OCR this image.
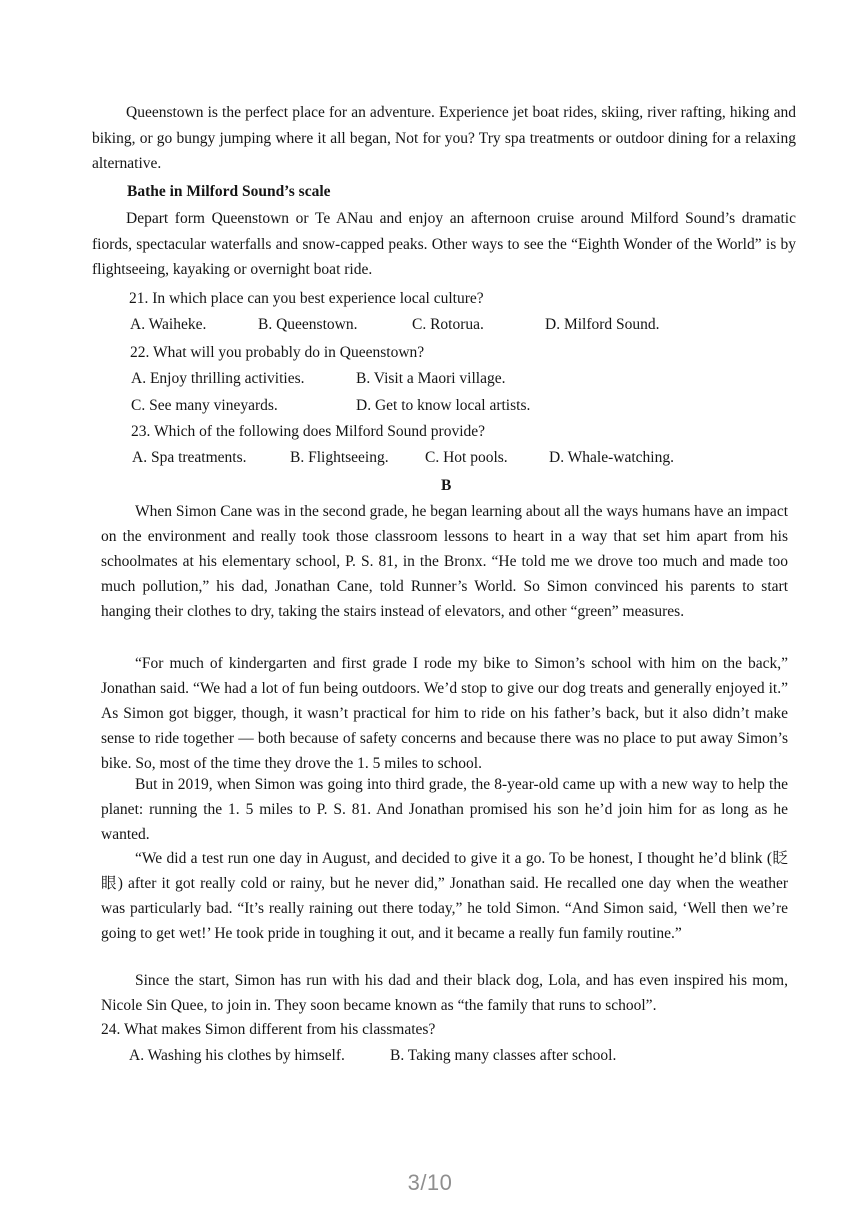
Queenstown is the perfect place for an adventure. Experience jet boat rides, skiing, river rafting, hiking and biking, or go bungy jumping where it all began, Not for you? Try spa treatments or outdoor dining for a relaxing alternative.
Bathe in Milford Sound’s scale
Depart form Queenstown or Te ANau and enjoy an afternoon cruise around Milford Sound’s dramatic fiords, spectacular waterfalls and snow-capped peaks. Other ways to see the “Eighth Wonder of the World” is by flightseeing, kayaking or overnight boat ride.
21. In which place can you best experience local culture?
A. Waiheke.	B. Queenstown.	C. Rotorua.	D. Milford Sound.
22. What will you probably do in Queenstown?
A. Enjoy thrilling activities.	B. Visit a Maori village.
C. See many vineyards.	D. Get to know local artists.
23. Which of the following does Milford Sound provide?
A. Spa treatments.	B. Flightseeing. C. Hot pools.	D. Whale-watching.
B
When Simon Cane was in the second grade, he began learning about all the ways humans have an impact on the environment and really took those classroom lessons to heart in a way that set him apart from his schoolmates at his elementary school, P. S. 81, in the Bronx. “He told me we drove too much and made too much pollution,” his dad, Jonathan Cane, told Runner’s World. So Simon convinced his parents to start hanging their clothes to dry, taking the stairs instead of elevators, and other “green” measures.
“For much of kindergarten and first grade I rode my bike to Simon’s school with him on the back,” Jonathan said. “We had a lot of fun being outdoors. We’d stop to give our dog treats and generally enjoyed it.” As Simon got bigger, though, it wasn’t practical for him to ride on his father’s back, but it also didn’t make sense to ride together — both because of safety concerns and because there was no place to put away Simon’s bike. So, most of the time they drove the 1. 5 miles to school.
But in 2019, when Simon was going into third grade, the 8-year-old came up with a new way to help the planet: running the 1. 5 miles to P. S. 81. And Jonathan promised his son he’d join him for as long as he wanted.
“We did a test run one day in August, and decided to give it a go. To be honest, I thought he’d blink (眨眼) after it got really cold or rainy, but he never did,” Jonathan said. He recalled one day when the weather was particularly bad. “It’s really raining out there today,” he told Simon. “And Simon said, ‘Well then we’re going to get wet!’ He took pride in toughing it out, and it became a really fun family routine.”
Since the start, Simon has run with his dad and their black dog, Lola, and has even inspired his mom, Nicole Sin Quee, to join in. They soon became known as “the family that runs to school”.
24. What makes Simon different from his classmates?
A. Washing his clothes by himself.	B. Taking many classes after school.
3/10
